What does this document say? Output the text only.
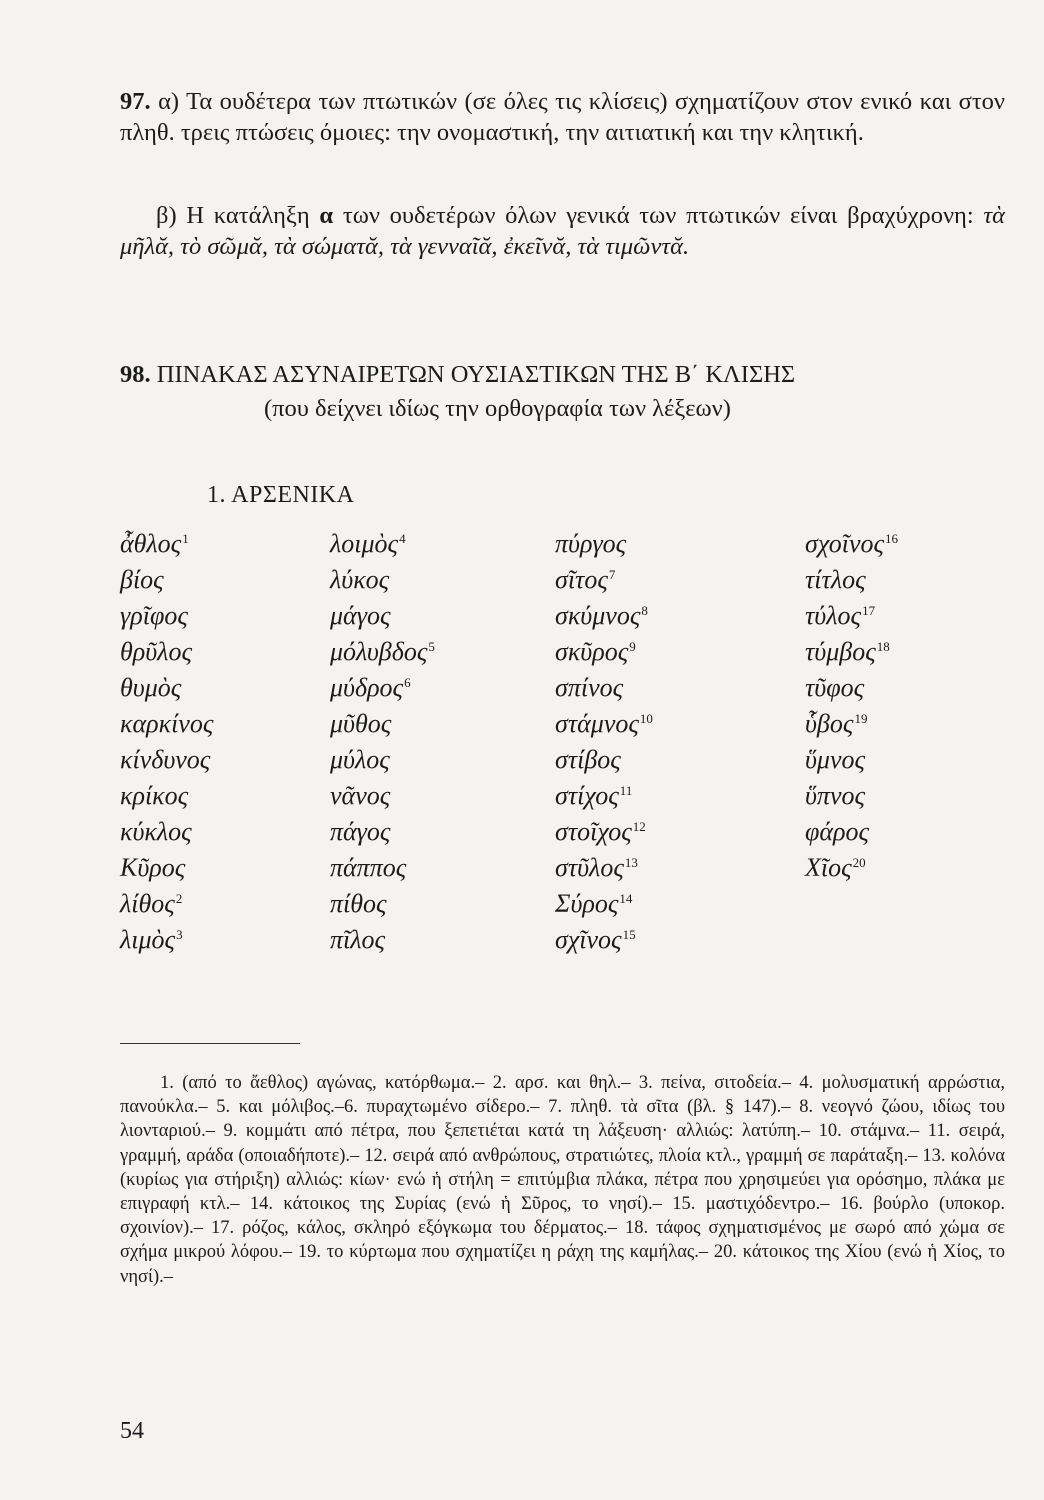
97. α) Τα ουδέτερα των πτωτικών (σε όλες τις κλίσεις) σχηματίζουν στον ενικό και στον πληθ. τρεις πτώσεις όμοιες: την ονομαστική, την αιτιατική και την κλητική.
β) Η κατάληξη α των ουδετέρων όλων γενικά των πτωτικών είναι βραχύχρονη: τὰ μῆλᾰ, τὸ σῶμᾰ, τὰ σώματᾰ, τὰ γενναῖᾰ, ἐκεῖνᾰ, τὰ τιμῶντᾰ.
98. ΠΙΝΑΚΑΣ ΑΣΥΝΑΙΡΕΤΩΝ ΟΥΣΙΑΣΤΙΚΩΝ ΤΗΣ Β΄ ΚΛΙΣΗΣ
(που δείχνει ιδίως την ορθογραφία των λέξεων)
1. ΑΡΣΕΝΙΚΑ
ἆθλος$^1$
βίος
γρῖφος
θρῦλος
θυμὸς
καρκίνος
κίνδυνος
κρίκος
κύκλος
Κῦρος
λίθος$^2$
λιμὸς$^3$
λοιμὸς$^4$
λύκος
μάγος
μόλυβδος$^5$
μύδρος$^6$
μῦθος
μύλος
νᾶνος
πάγος
πάππος
πίθος
πῖλος
πύργος
σῖτος$^7$
σκύμνος$^8$
σκῦρος$^9$
σπίνος
στάμνος$^{10}$
στίβος
στίχος$^{11}$
στοῖχος$^{12}$
στῦλος$^{13}$
Σύρος$^{14}$
σχῖνος$^{15}$
σχοῖνος$^{16}$
τίτλος
τύλος$^{17}$
τύμβος$^{18}$
τῦφος
ὗβος$^{19}$
ὕμνος
ὕπνος
φάρος
Χῖος$^{20}$
1. (από το ἄεθλος) αγώνας, κατόρθωμα.– 2. αρσ. και θηλ.– 3. πείνα, σιτοδεία.– 4. μολυσματική αρρώστια, πανούκλα.– 5. και μόλιβος.–6. πυραχτωμένο σίδερο.– 7. πληθ. τὰ σῖτα (βλ. § 147).– 8. νεογνό ζώου, ιδίως του λιονταριού.– 9. κομμάτι από πέτρα, που ξεπετιέται κατά τη λάξευση· αλλιώς: λατύπη.– 10. στάμνα.– 11. σειρά, γραμμή, αράδα (οποιαδήποτε).– 12. σειρά από ανθρώπους, στρατιώτες, πλοία κτλ., γραμμή σε παράταξη.– 13. κολόνα (κυρίως για στήριξη) αλλιώς: κίων· ενώ ἡ στήλη = επιτύμβια πλάκα, πέτρα που χρησιμεύει για ορόσημο, πλάκα με επιγραφή κτλ.– 14. κάτοικος της Συρίας (ενώ ἡ Σῦρος, το νησί).– 15. μαστιχόδεντρο.– 16. βούρλο (υποκορ. σχοινίον).– 17. ρόζος, κάλος, σκληρό εξόγκωμα του δέρματος.– 18. τάφος σχηματισμένος με σωρό από χώμα σε σχήμα μικρού λόφου.– 19. το κύρτωμα που σχηματίζει η ράχη της καμήλας.– 20. κάτοικος της Χίου (ενώ ἡ Χίος, το νησί).–
54
